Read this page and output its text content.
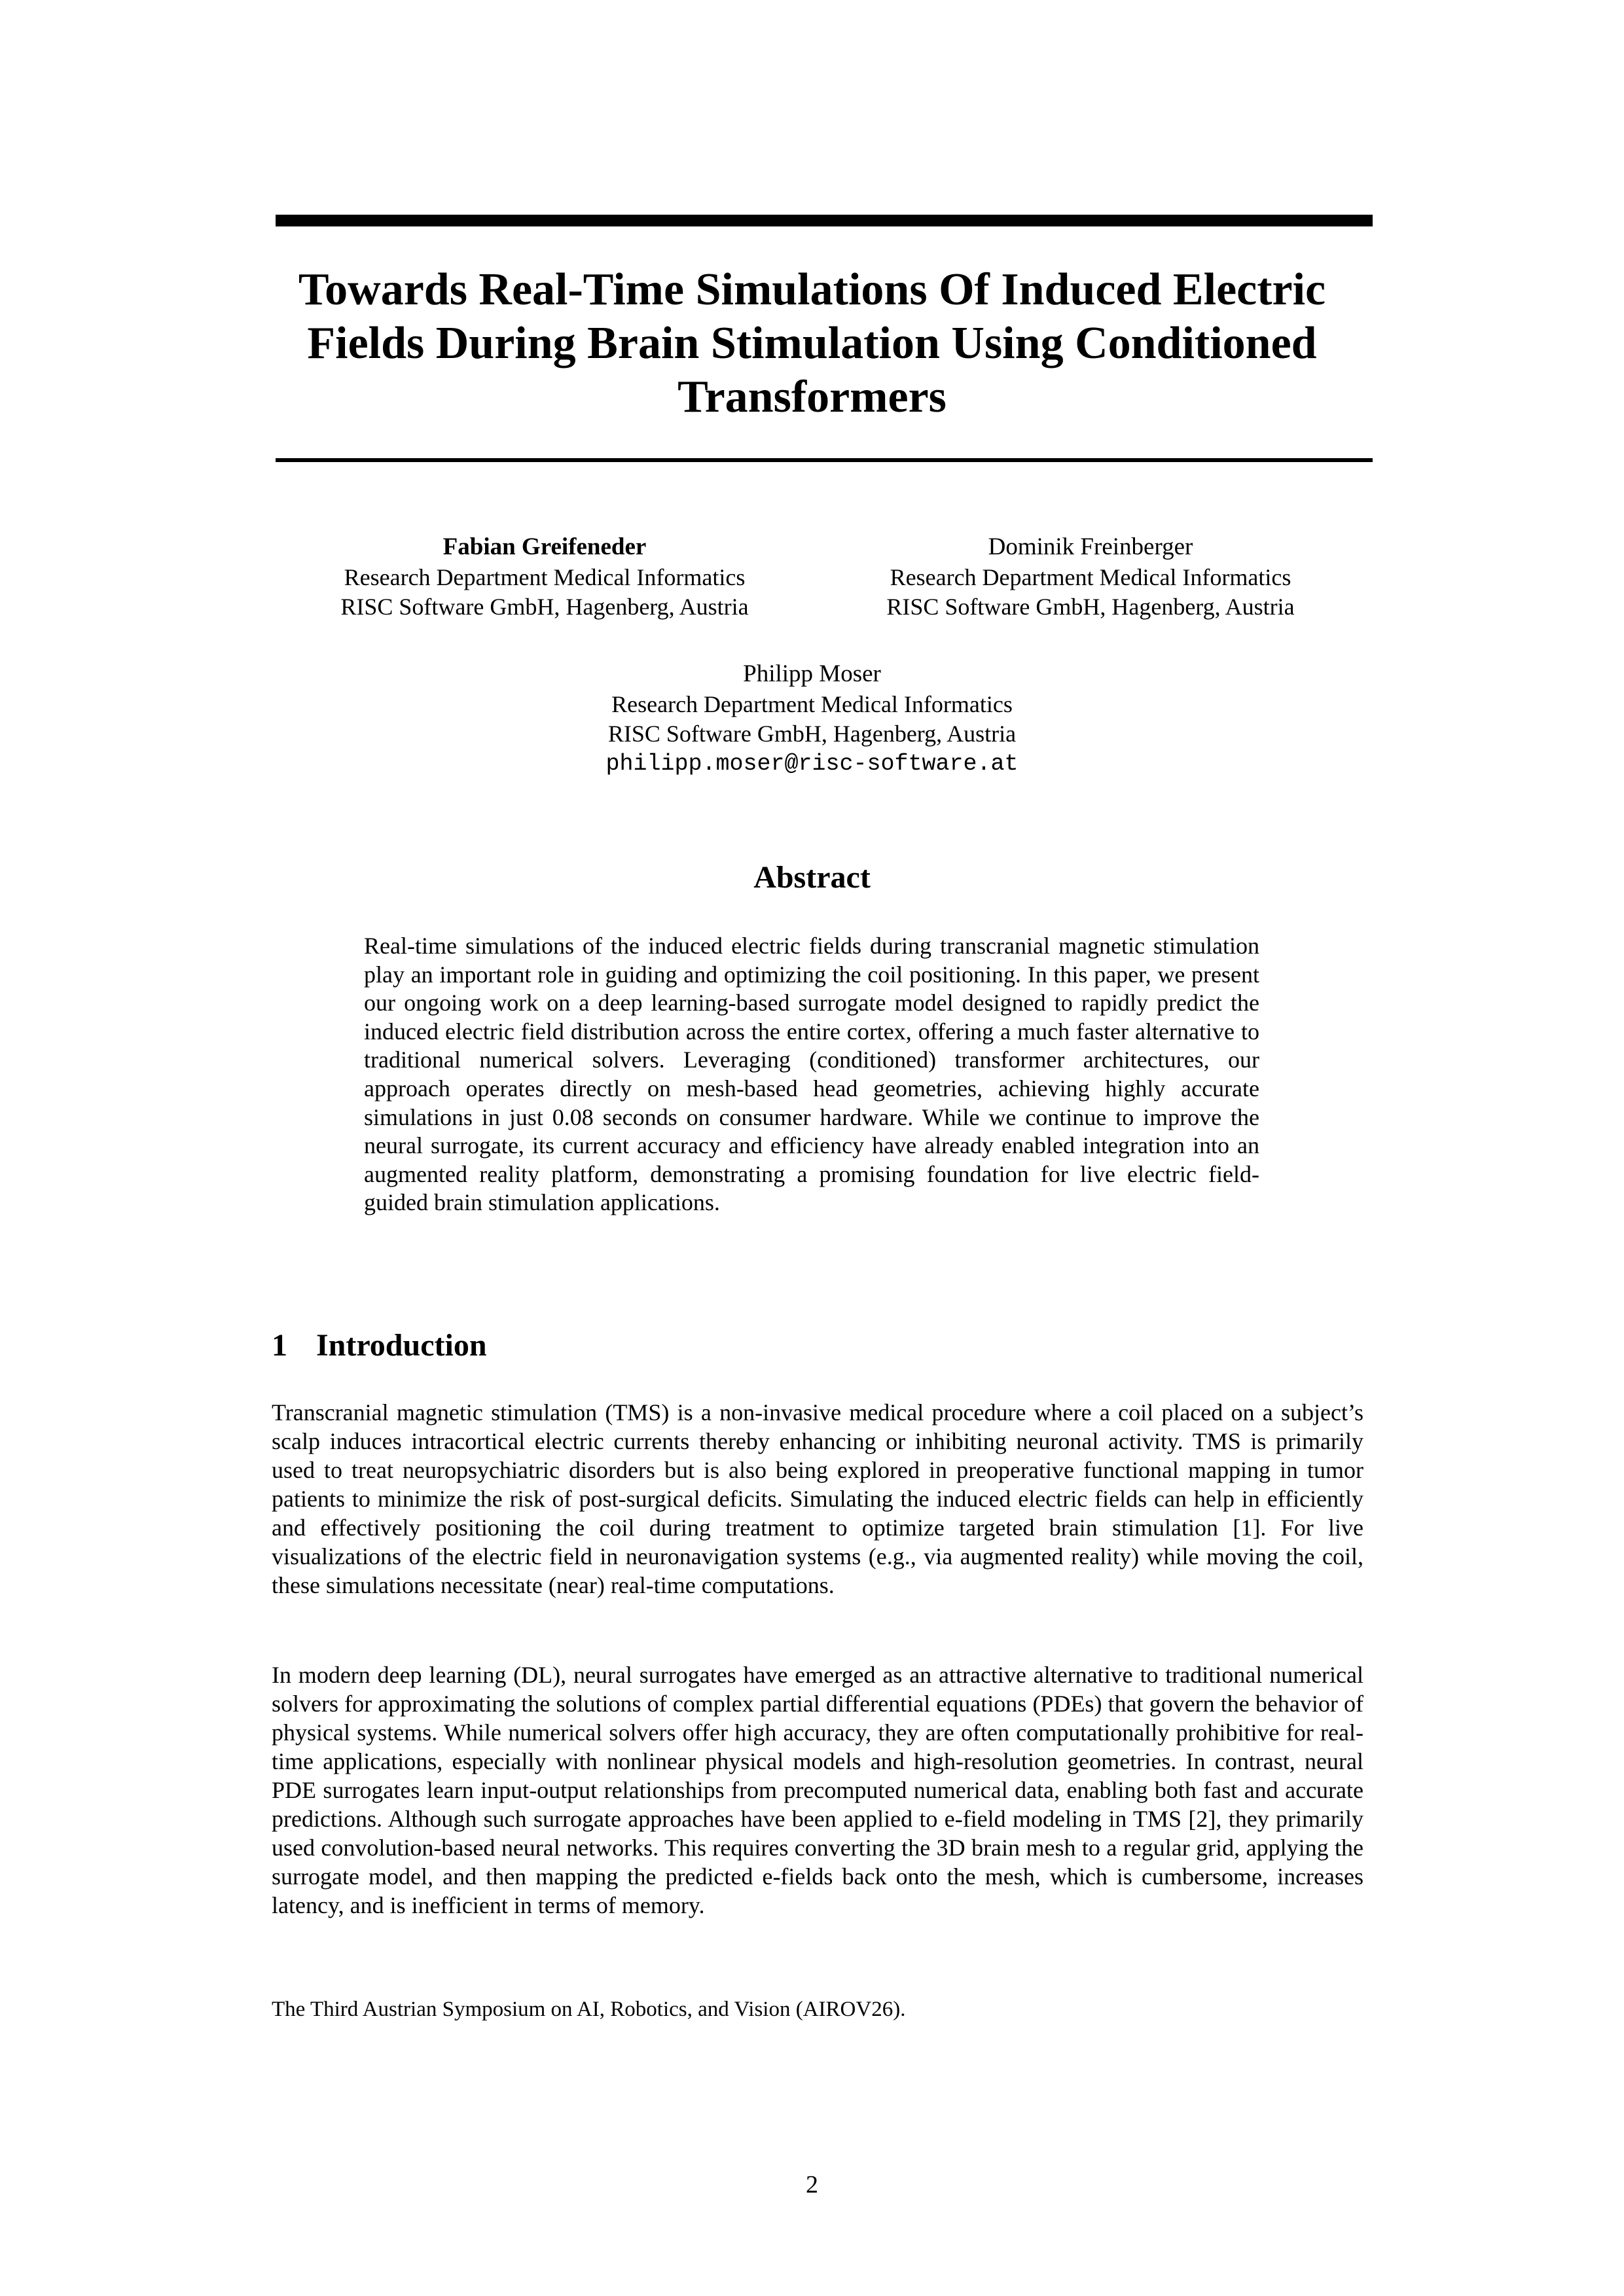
Towards Real-Time Simulations Of Induced Electric
Fields During Brain Stimulation Using Conditioned
Transformers
Fabian Greifeneder
Research Department Medical Informatics
RISC Software GmbH, Hagenberg, Austria
Dominik Freinberger
Research Department Medical Informatics
RISC Software GmbH, Hagenberg, Austria
Philipp Moser
Research Department Medical Informatics
RISC Software GmbH, Hagenberg, Austria
philipp.moser@risc-software.at
Abstract
Real-time simulations of the induced electric fields during transcranial magnetic stimulation play an important role in guiding and optimizing the coil positioning. In this paper, we present our ongoing work on a deep learning-based surrogate model designed to rapidly predict the induced electric field distribution across the entire cortex, offering a much faster alternative to traditional numerical solvers. Leveraging (conditioned) transformer architectures, our approach operates directly on mesh-based head geometries, achieving highly accurate simulations in just 0.08 seconds on consumer hardware. While we continue to improve the neural surrogate, its current accuracy and efficiency have already enabled integration into an augmented reality platform, demonstrating a promising foundation for live electric field-guided brain stimulation applications.
1 Introduction
Transcranial magnetic stimulation (TMS) is a non-invasive medical procedure where a coil placed on a subject’s scalp induces intracortical electric currents thereby enhancing or inhibiting neuronal activity. TMS is primarily used to treat neuropsychiatric disorders but is also being explored in preoperative functional mapping in tumor patients to minimize the risk of post-surgical deficits. Simulating the induced electric fields can help in efficiently and effectively positioning the coil during treatment to optimize targeted brain stimulation [1]. For live visualizations of the electric field in neuronavigation systems (e.g., via augmented reality) while moving the coil, these simulations necessitate (near) real-time computations.
In modern deep learning (DL), neural surrogates have emerged as an attractive alternative to traditional numerical solvers for approximating the solutions of complex partial differential equations (PDEs) that govern the behavior of physical systems. While numerical solvers offer high accuracy, they are often computationally prohibitive for real-time applications, especially with nonlinear physical models and high-resolution geometries. In contrast, neural PDE surrogates learn input-output relationships from precomputed numerical data, enabling both fast and accurate predictions. Although such surrogate approaches have been applied to e-field modeling in TMS [2], they primarily used convolution-based neural networks. This requires converting the 3D brain mesh to a regular grid, applying the surrogate model, and then mapping the predicted e-fields back onto the mesh, which is cumbersome, increases latency, and is inefficient in terms of memory.
The Third Austrian Symposium on AI, Robotics, and Vision (AIROV26).
2
